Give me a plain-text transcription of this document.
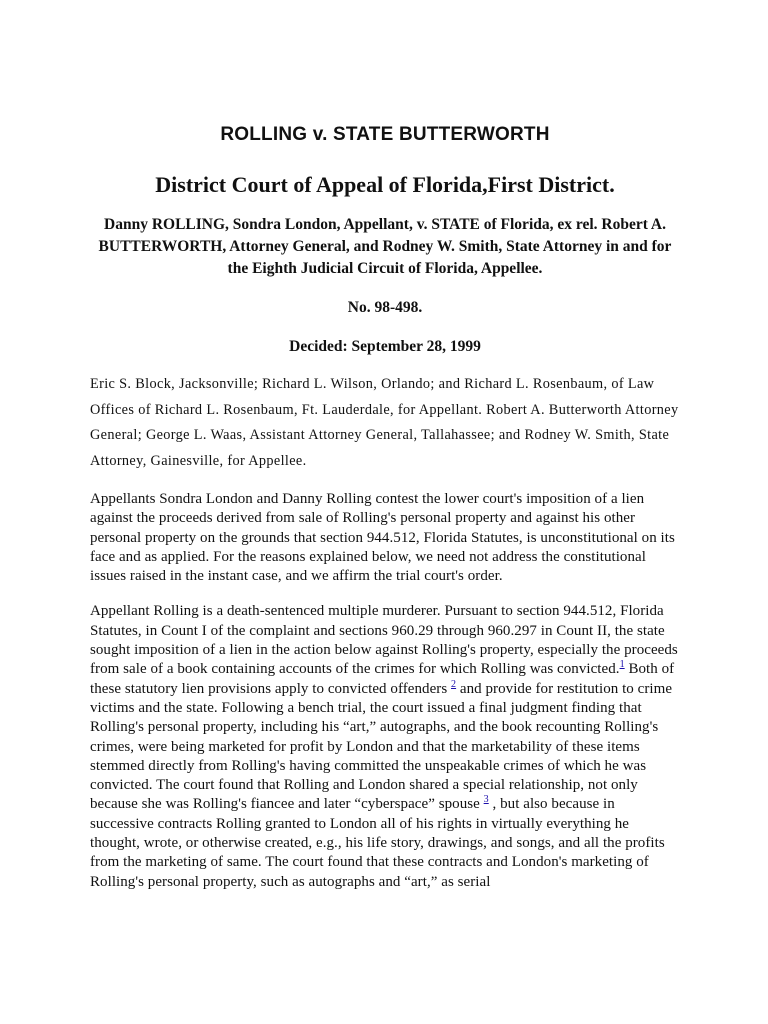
ROLLING v. STATE BUTTERWORTH
District Court of Appeal of Florida,First District.
Danny ROLLING, Sondra London, Appellant, v. STATE of Florida, ex rel. Robert A. BUTTERWORTH, Attorney General, and Rodney W. Smith, State Attorney in and for the Eighth Judicial Circuit of Florida, Appellee.
No. 98-498.
Decided: September 28, 1999
Eric S. Block, Jacksonville; Richard L. Wilson, Orlando; and Richard L. Rosenbaum, of Law Offices of Richard L. Rosenbaum, Ft. Lauderdale, for Appellant. Robert A. Butterworth Attorney General; George L. Waas, Assistant Attorney General, Tallahassee; and Rodney W. Smith, State Attorney, Gainesville, for Appellee.

Appellants Sondra London and Danny Rolling contest the lower court's imposition of a lien against the proceeds derived from sale of Rolling's personal property and against his other personal property on the grounds that section 944.512, Florida Statutes, is unconstitutional on its face and as applied. For the reasons explained below, we need not address the constitutional issues raised in the instant case, and we affirm the trial court's order.

Appellant Rolling is a death-sentenced multiple murderer. Pursuant to section 944.512, Florida Statutes, in Count I of the complaint and sections 960.29 through 960.297 in Count II, the state sought imposition of a lien in the action below against Rolling's property, especially the proceeds from sale of a book containing accounts of the crimes for which Rolling was convicted.$^1$ Both of these statutory lien provisions apply to convicted offenders $^2$ and provide for restitution to crime victims and the state. Following a bench trial, the court issued a final judgment finding that Rolling's personal property, including his “art,” autographs, and the book recounting Rolling's crimes, were being marketed for profit by London and that the marketability of these items stemmed directly from Rolling's having committed the unspeakable crimes of which he was convicted. The court found that Rolling and London shared a special relationship, not only because she was Rolling's fiancee and later “cyberspace” spouse $^3$ , but also because in successive contracts Rolling granted to London all of his rights in virtually everything he thought, wrote, or otherwise created, e.g., his life story, drawings, and songs, and all the profits from the marketing of same. The court found that these contracts and London's marketing of Rolling's personal property, such as autographs and “art,” as serial
